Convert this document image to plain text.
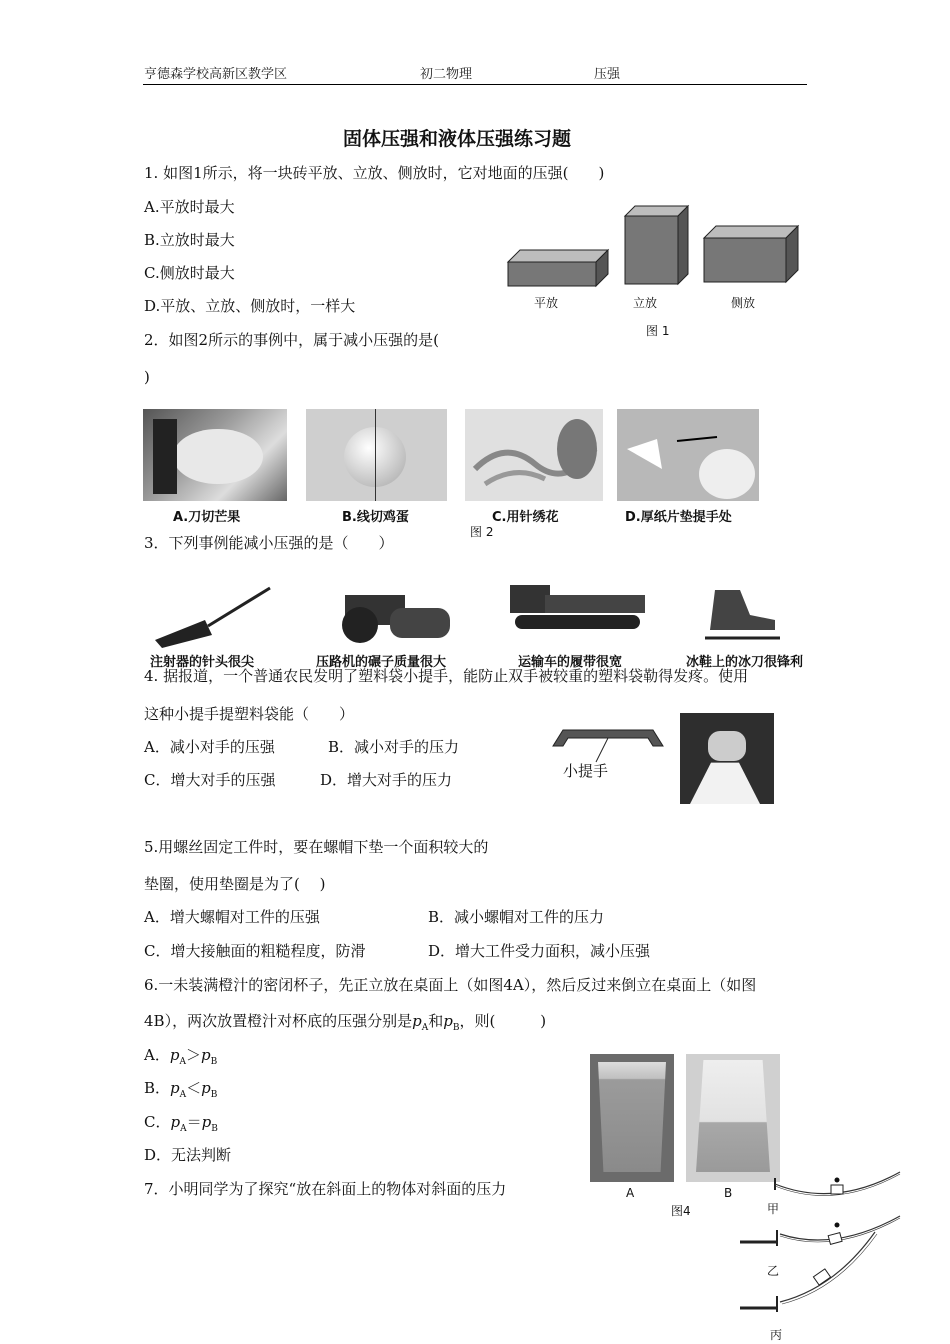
亨德森学校高新区教学区	初二物理	压强
固体压强和液体压强练习题
1. 如图1所示，将一块砖平放、立放、侧放时，它对地面的压强(　　)
A.平放时最大
B.立放时最大
C.侧放时最大
D.平放、立放、侧放时，一样大	平放	立放	侧放
图 1
2．如图2所示的事例中，属于减小压强的是(
)
A.刀切芒果	B.线切鸡蛋	C.用针绣花	D.厚纸片垫提手处
图 2
3．下列事例能减小压强的是（　　）
注射器的针头很尖	压路机的碾子质量很大	运输车的履带很宽	冰鞋上的冰刀很锋利
4. 据报道，一个普通农民发明了塑料袋小提手，能防止双手被较重的塑料袋勒得发疼。使用
这种小提手提塑料袋能（　　）
A．减小对手的压强	B．减小对手的压力
C．增大对手的压强	D．增大对手的压力	小提手
5.用螺丝固定工件时，要在螺帽下垫一个面积较大的
垫圈，使用垫圈是为了(　 )
A．增大螺帽对工件的压强	B．减小螺帽对工件的压力
C．增大接触面的粗糙程度，防滑	D．增大工件受力面积，减小压强
6.一未装满橙汁的密闭杯子，先正立放在桌面上（如图4A），然后反过来倒立在桌面上（如图
4B），两次放置橙汁对杯底的压强分别是$p_A$和$p_B$，则(　　　)
A．$p_A>p_B$
B．$p_A<p_B$
C．$p_A=p_B$
D．无法判断
A	B
图4
7．小明同学为了探究“放在斜面上的物体对斜面的压力
甲
乙
丙
